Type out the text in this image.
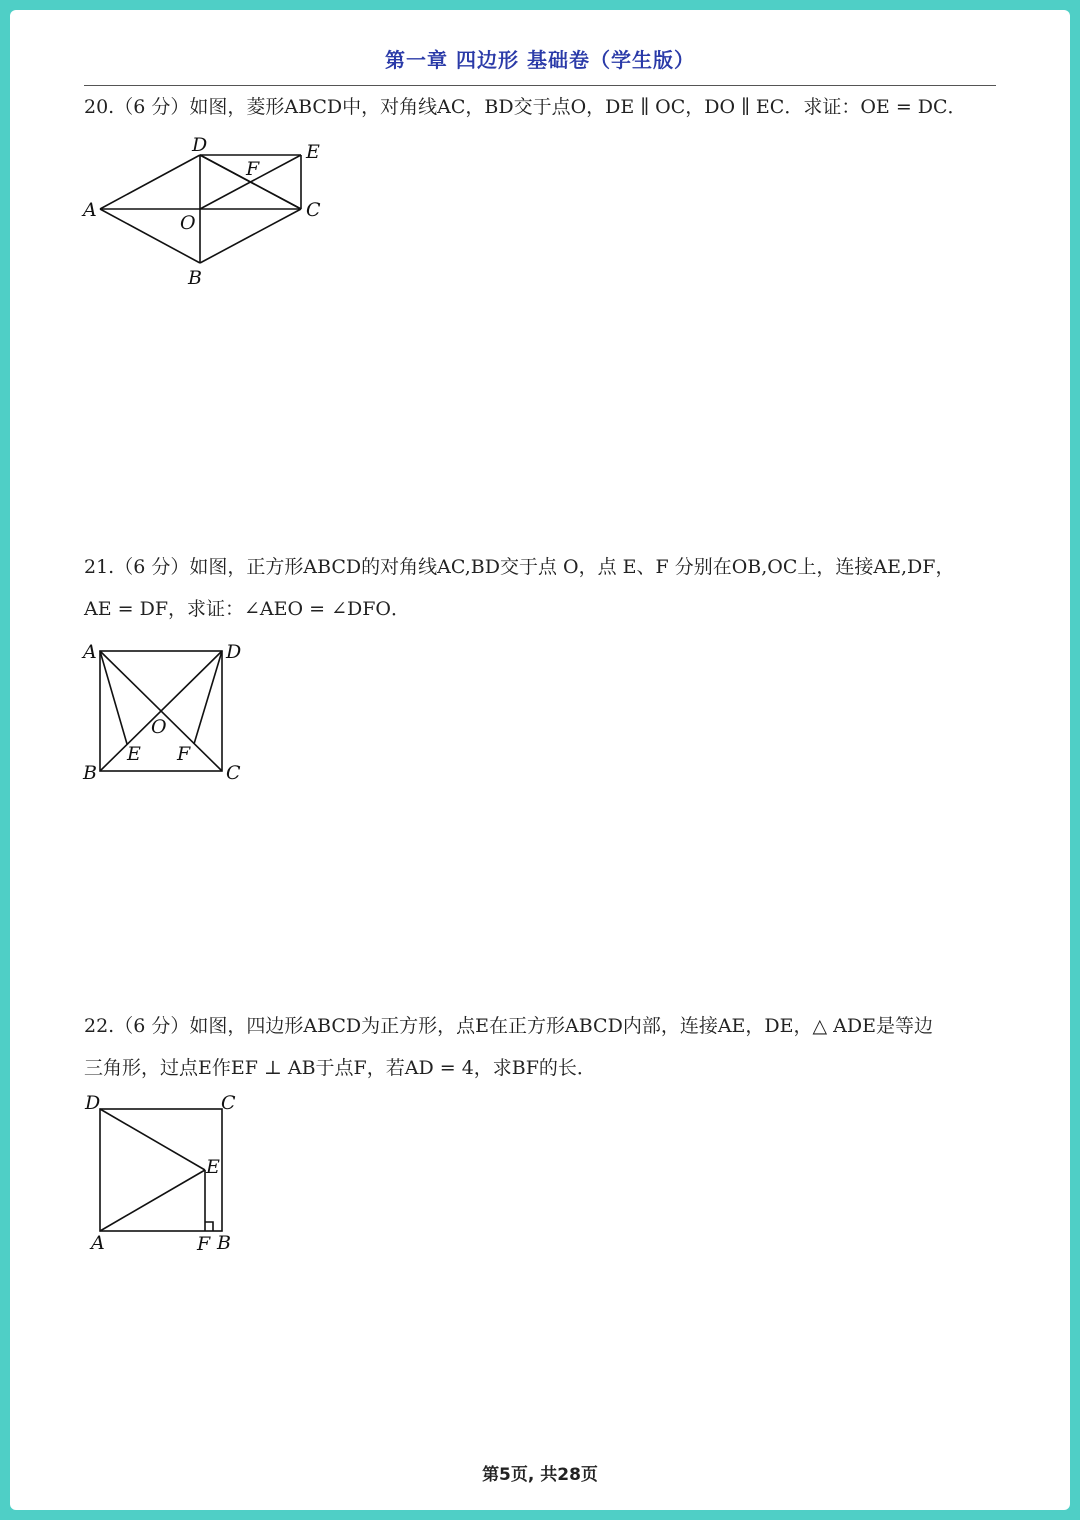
第一章 四边形 基础卷（学生版）
20.（6 分）如图，菱形ABCD中，对角线AC，BD交于点O，DE ∥ OC，DO ∥ EC．求证：OE = DC．
A
D	E
C
B
O
F
21.（6 分）如图，正方形ABCD的对角线AC,BD交于点 O，点 E、F 分别在OB,OC上，连接AE,DF，
AE = DF，求证：∠AEO = ∠DFO．
A	D
B	C
O
E F
22.（6 分）如图，四边形ABCD为正方形，点E在正方形ABCD内部，连接AE，DE，△ ADE是等边
三角形，过点E作EF ⊥ AB于点F，若AD = 4，求BF的长．
D	C
E
A	F B
第5页, 共28页
